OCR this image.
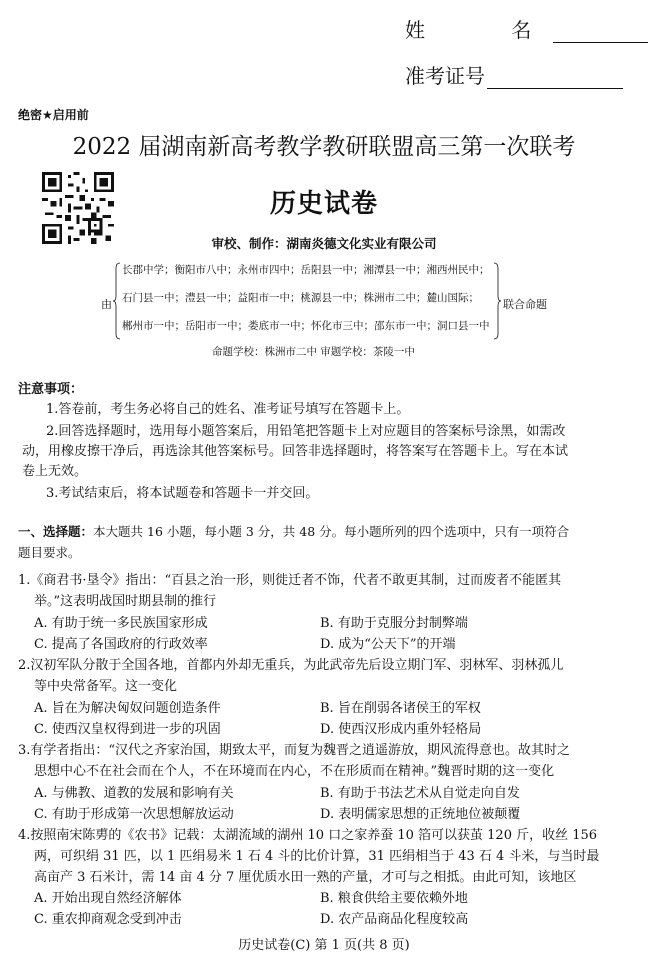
姓 名
准考证号
绝密★启用前
2022 届湖南新高考教学教研联盟高三第一次联考
历史试卷
审校、制作：湖南炎德文化实业有限公司
由
长郡中学；衡阳市八中；永州市四中；岳阳县一中；湘潭县一中；湘西州民中；
石门县一中；澧县一中；益阳市一中；桃源县一中；株洲市二中；麓山国际；
郴州市一中；岳阳市一中；娄底市一中；怀化市三中；邵东市一中；洞口县一中
联合命题
命题学校：株洲市二中 审题学校：茶陵一中
注意事项：
1.答卷前，考生务必将自己的姓名、准考证号填写在答题卡上。
2.回答选择题时，选用每小题答案后，用铅笔把答题卡上对应题目的答案标号涂黑，如需改
动，用橡皮擦干净后，再选涂其他答案标号。回答非选择题时，将答案写在答题卡上。写在本试
卷上无效。
3.考试结束后，将本试题卷和答题卡一并交回。
一、选择题：本大题共 16 小题，每小题 3 分，共 48 分。每小题所列的四个选项中，只有一项符合
题目要求。
1.《商君书·垦令》指出：“百县之治一形，则徙迁者不饰，代者不敢更其制，过而废者不能匿其
举。”这表明战国时期县制的推行
A. 有助于统一多民族国家形成	B. 有助于克服分封制弊端
C. 提高了各国政府的行政效率	D. 成为“公天下”的开端
2.汉初军队分散于全国各地，首都内外却无重兵，为此武帝先后设立期门军、羽林军、羽林孤儿
等中央常备军。这一变化
A. 旨在为解决匈奴问题创造条件	B. 旨在削弱各诸侯王的军权
C. 使西汉皇权得到进一步的巩固	D. 使西汉形成内重外轻格局
3.有学者指出：“汉代之齐家治国，期致太平，而复为魏晋之逍遥游放，期风流得意也。故其时之
思想中心不在社会而在个人，不在环境而在内心，不在形质而在精神。”魏晋时期的这一变化
A. 与佛教、道教的发展和影响有关	B. 有助于书法艺术从自觉走向自发
C. 有助于形成第一次思想解放运动	D. 表明儒家思想的正统地位被颠覆
4.按照南宋陈旉的《农书》记载：太湖流域的湖州 10 口之家养蚕 10 箔可以获茧 120 斤，收丝 156
两，可织绢 31 匹，以 1 匹绢易米 1 石 4 斗的比价计算，31 匹绢相当于 43 石 4 斗米，与当时最
高亩产 3 石米计，需 14 亩 4 分 7 厘优质水田一熟的产量，才可与之相抵。由此可知，该地区
A. 开始出现自然经济解体	B. 粮食供给主要依赖外地
C. 重农抑商观念受到冲击	D. 农产品商品化程度较高
历史试卷(C) 第 1 页(共 8 页)
